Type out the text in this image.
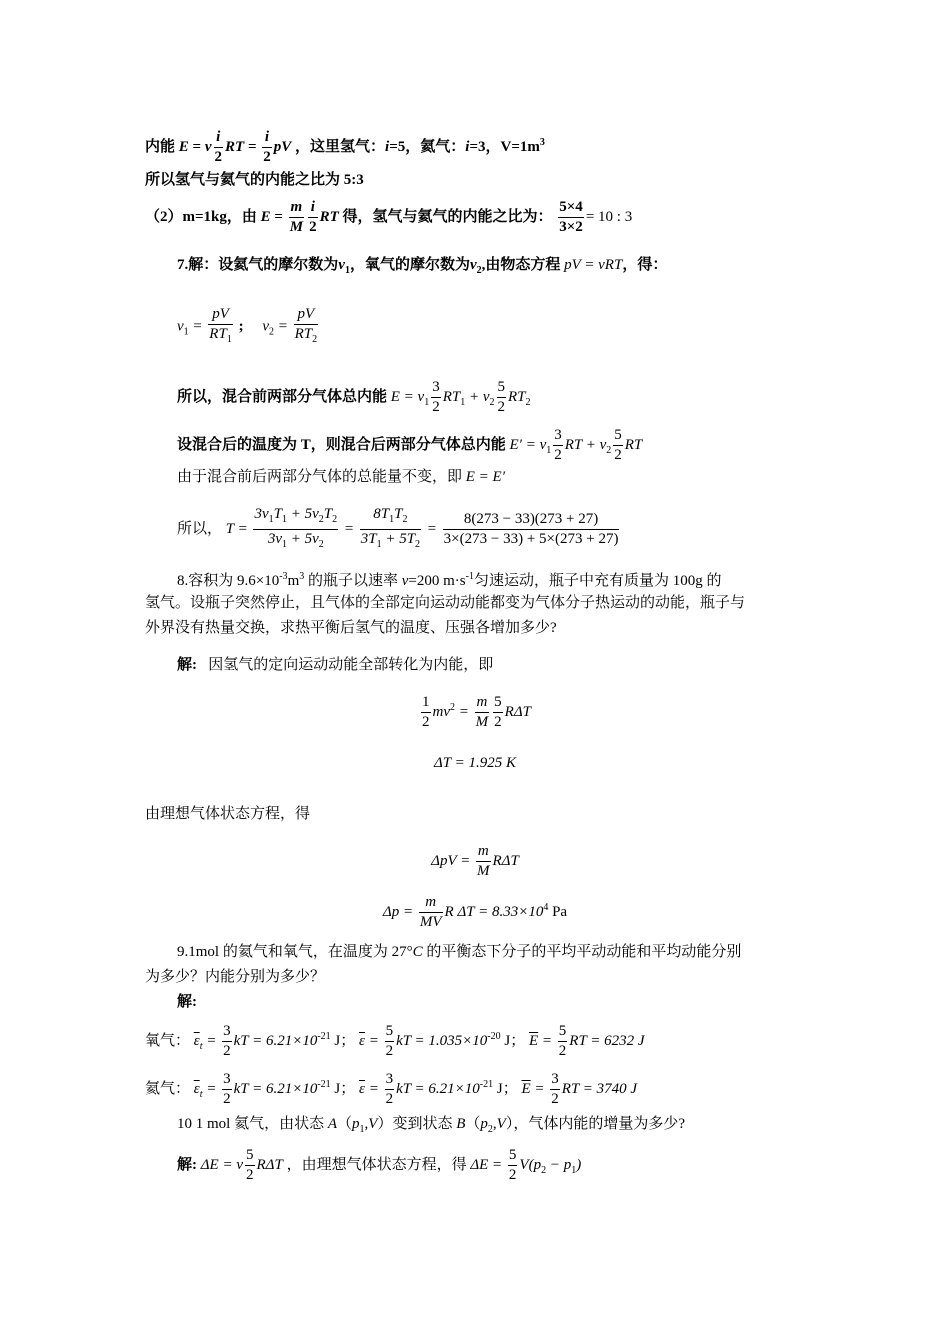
内能 E = ν $\frac{i}{2}$ RT = $\frac{i}{2}$ pV ，这里氢气：i=5，氦气：i=3，$V=1m^3$
所以氢气与氦气的内能之比为 5:3
（2）m=1kg，由 $E = \frac{m}{M} \frac{i}{2}$ RT 得，氢气与氦气的内能之比为： $\frac{5\times 4}{3\times 2} = 10$ : 3
7.解：设氦气的摩尔数为$\nu_1$，氧气的摩尔数为$\nu_2$,由物态方程 pV = νRT，得：
$\nu_1 = \frac{pV}{RT_1}$ ; $\nu_2 = \frac{pV}{RT_2}$
所以，混合前两部分气体总内能 $E = \nu_1 \frac{3}{2} RT_1 + \nu_2 \frac{5}{2} RT_2$
设混合后的温度为 T，则混合后两部分气体总内能 $E' = \nu_1 \frac{3}{2}$ RT + $\nu_2 \frac{5}{2}$ RT
由于混合前后两部分气体的总能量不变，即 E = E′
所以， $T = \frac{3\nu_1T_1 + 5\nu_2T_2}{3\nu_1 + 5\nu_2} = \frac{8T_1T_2}{3T_1 + 5T_2} = \frac{8(273 - 33)(273 + 27)}{3\times(273 - 33) + 5\times(273 + 27)}$
8.容积为 $9.6\times 10^{-3}m^3$ 的瓶子以速率 v=200 $m\cdot s^{-1}$匀速运动，瓶子中充有质量为 100g 的
氢气。设瓶子突然停止，且气体的全部定向运动动能都变为气体分子热运动的动能，瓶子与
外界没有热量交换，求热平衡后氢气的温度、压强各增加多少?
解: 因氢气的定向运动动能全部转化为内能，即
$\frac{1}{2} mv^2 = \frac{m}{M} \frac{5}{2}$ RΔT
ΔT = 1.925 K
由理想气体状态方程，得
$\Delta pV = \frac{m}{M}$ RΔT
$\Delta p = \frac{m}{MV}$ R $\Delta T = 8.33\times 10^4$ Pa
9.1mol 的氦气和氧气，在温度为 27°C 的平衡态下分子的平均平动动能和平均动能分别
为多少？内能分别为多少？
解:
氧气： $\overline{\varepsilon}_t = \frac{3}{2}$ kT = $6.21\times 10^{-21}$ J； $\overline{\varepsilon} = \frac{5}{2}$ kT = $1.035\times 10^{-20}$ J； $\overline{E} = \frac{5}{2}$ RT = 6232 J
氦气： $\overline{\varepsilon}_t = \frac{3}{2}$ kT = $6.21\times 10^{-21}$ J； $\overline{\varepsilon} = \frac{3}{2}$ kT = $6.21\times 10^{-21}$ J； $\overline{E} = \frac{3}{2}$ RT = 3740 J
10 1 mol 氦气，由状态 $A(p_1,V)$变到状态 $B(p_2,V)$，气体内能的增量为多少?
解: ΔE = ν $\frac{5}{2}$ RΔT ，由理想气体状态方程，得 $\Delta E = \frac{5}{2} V(p_2 - p_1)$
